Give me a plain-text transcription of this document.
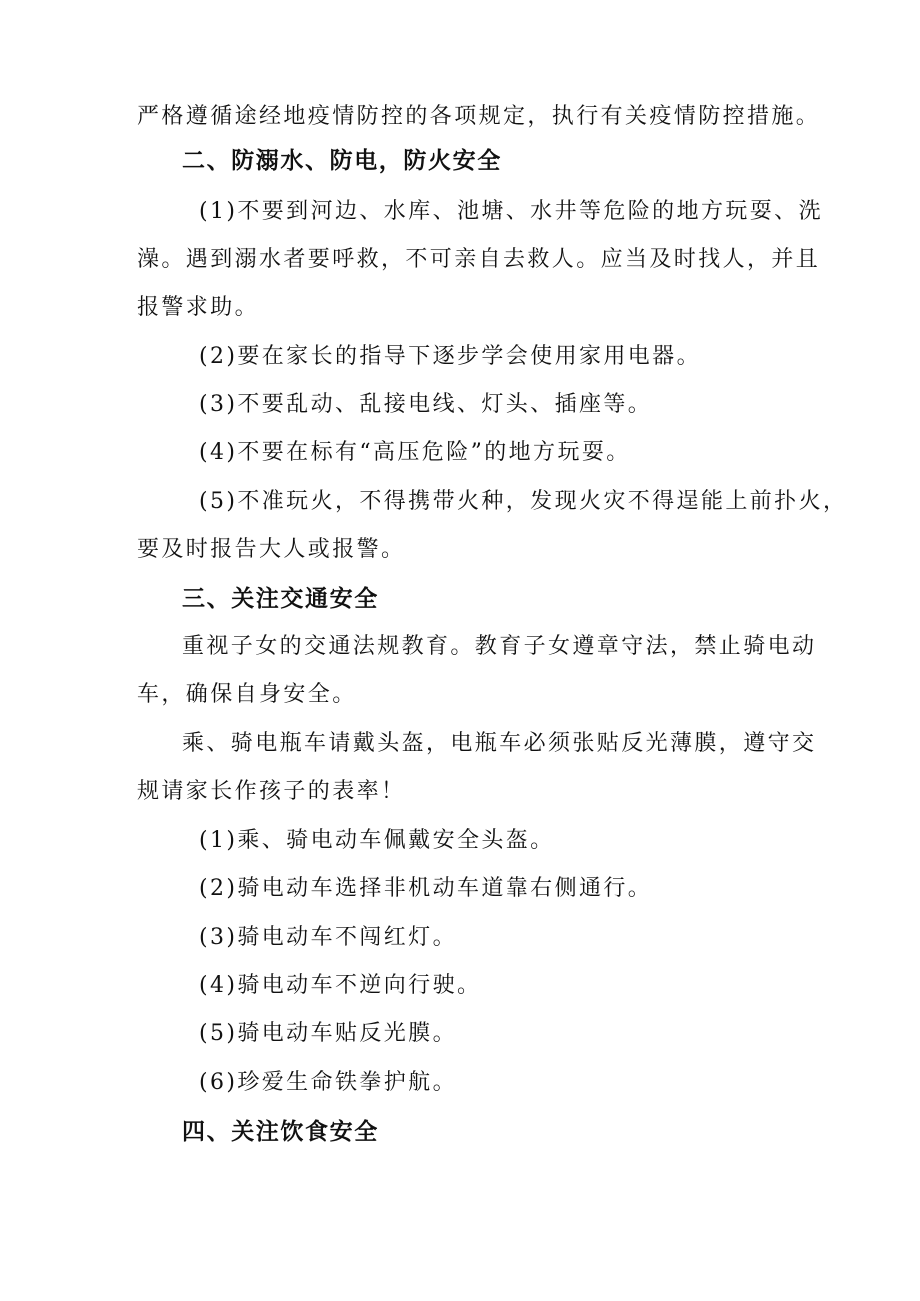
严格遵循途经地疫情防控的各项规定，执行有关疫情防控措施。
二、防溺水、防电，防火安全
(1)不要到河边、水库、池塘、水井等危险的地方玩耍、洗
澡。遇到溺水者要呼救，不可亲自去救人。应当及时找人，并且
报警求助。
(2)要在家长的指导下逐步学会使用家用电器。
(3)不要乱动、乱接电线、灯头、插座等。
(4)不要在标有“高压危险”的地方玩耍。
(5)不准玩火，不得携带火种，发现火灾不得逞能上前扑火，
要及时报告大人或报警。
三、关注交通安全
重视子女的交通法规教育。教育子女遵章守法，禁止骑电动
车，确保自身安全。
乘、骑电瓶车请戴头盔，电瓶车必须张贴反光薄膜，遵守交
规请家长作孩子的表率！
(1)乘、骑电动车佩戴安全头盔。
(2)骑电动车选择非机动车道靠右侧通行。
(3)骑电动车不闯红灯。
(4)骑电动车不逆向行驶。
(5)骑电动车贴反光膜。
(6)珍爱生命铁拳护航。
四、关注饮食安全
